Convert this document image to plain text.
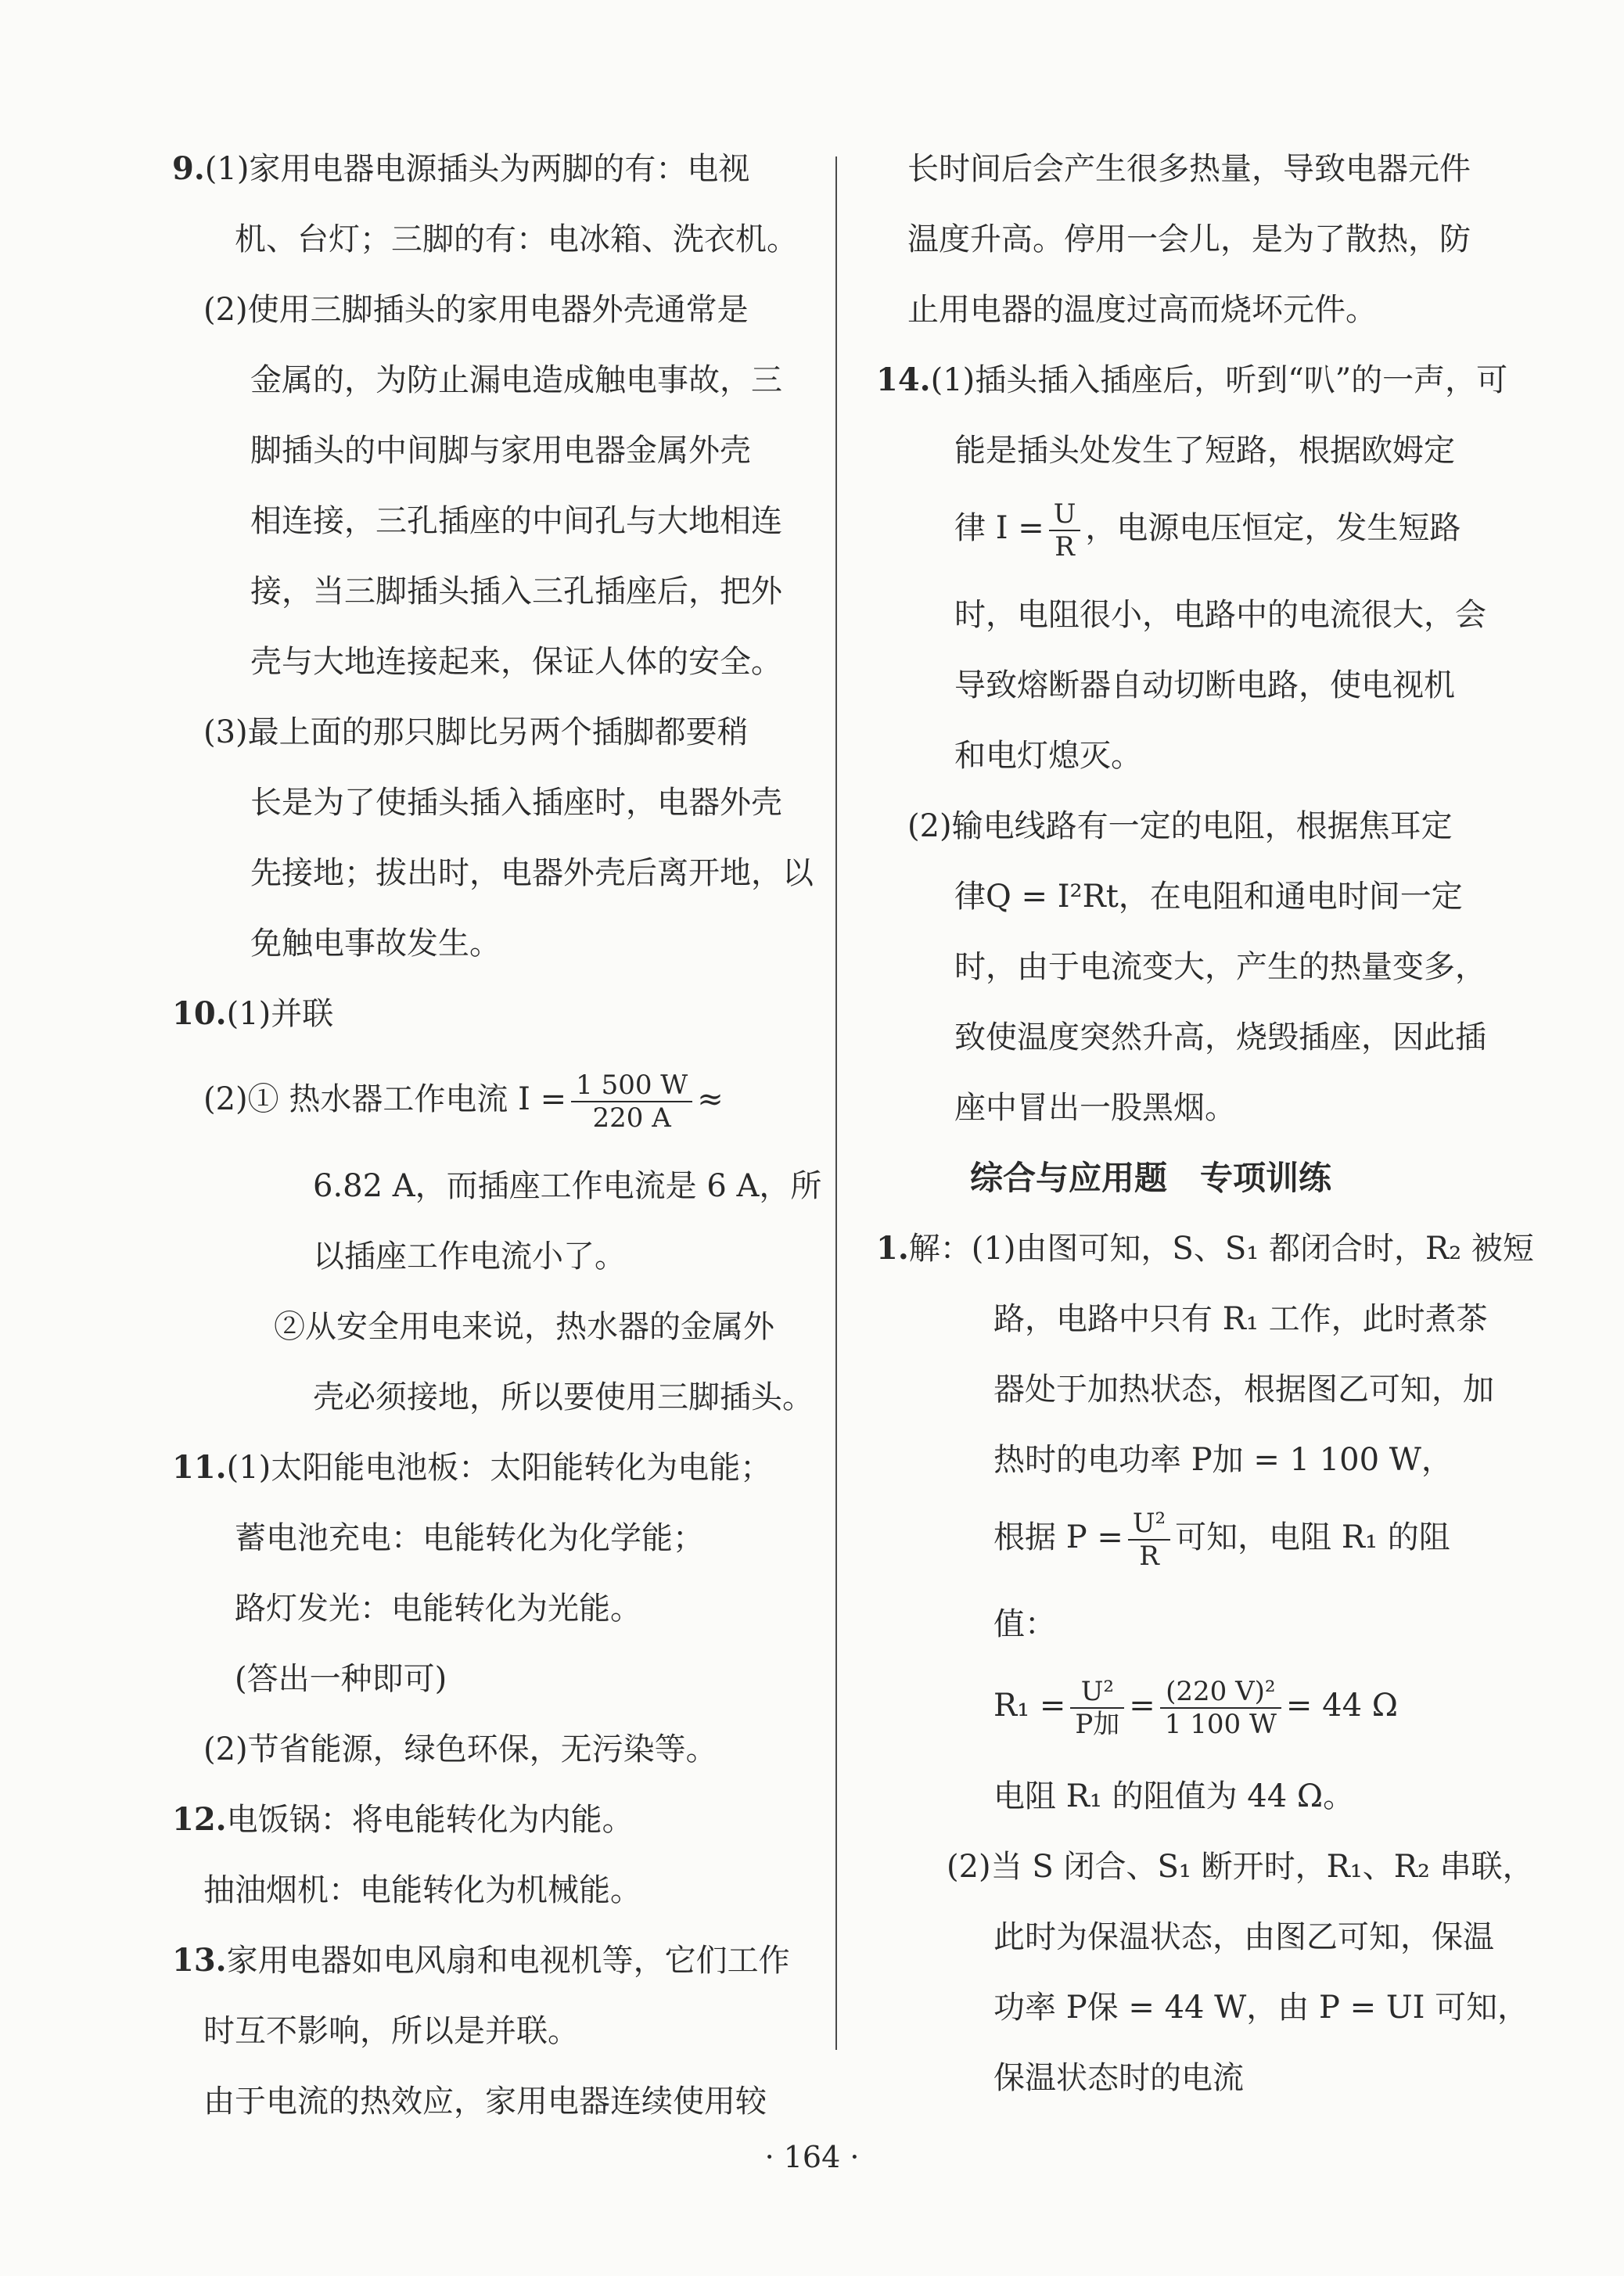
9.(1)家用电器电源插头为两脚的有：电视
机、台灯；三脚的有：电冰箱、洗衣机。
(2)使用三脚插头的家用电器外壳通常是
金属的，为防止漏电造成触电事故，三
脚插头的中间脚与家用电器金属外壳
相连接，三孔插座的中间孔与大地相连
接，当三脚插头插入三孔插座后，把外
壳与大地连接起来，保证人体的安全。
(3)最上面的那只脚比另两个插脚都要稍
长是为了使插头插入插座时，电器外壳
先接地；拔出时，电器外壳后离开地，以
免触电事故发生。
10.(1)并联
(2)① 热水器工作电流 $I = \frac{1 500 W}{220 A}$ ≈
6.82 A，而插座工作电流是 6 A，所
以插座工作电流小了。
②从安全用电来说，热水器的金属外
壳必须接地，所以要使用三脚插头。
11.(1)太阳能电池板：太阳能转化为电能；
蓄电池充电：电能转化为化学能；
路灯发光：电能转化为光能。
(答出一种即可)
(2)节省能源，绿色环保，无污染等。
12.电饭锅：将电能转化为内能。
抽油烟机：电能转化为机械能。
13.家用电器如电风扇和电视机等，它们工作
时互不影响，所以是并联。
由于电流的热效应，家用电器连续使用较
长时间后会产生很多热量，导致电器元件
温度升高。停用一会儿，是为了散热，防
止用电器的温度过高而烧坏元件。
14.(1)插头插入插座后，听到“叭”的一声，可
能是插头处发生了短路，根据欧姆定
律 $I = \frac{U}{R}$ ，电源电压恒定，发生短路
时，电阻很小，电路中的电流很大，会
导致熔断器自动切断电路，使电视机
和电灯熄灭。
(2)输电线路有一定的电阻，根据焦耳定
律Q = I²Rt，在电阻和通电时间一定
时，由于电流变大，产生的热量变多，
致使温度突然升高，烧毁插座，因此插
座中冒出一股黑烟。
综合与应用题　专项训练
1.解：(1)由图可知，S、S₁ 都闭合时，R₂ 被短
路，电路中只有 R₁ 工作，此时煮茶
器处于加热状态，根据图乙可知，加
热时的电功率 P加 = 1 100 W，
根据 $P = \frac{\text{U²}}{R}$ 可知，电阻 R₁ 的阻
值：
$R_1 = \frac{\text{U²}}{\text{P加}} = \frac{\text{(220 V)²}}{1 100 W} = 44$ Ω
电阻 R₁ 的阻值为 44 Ω。
(2)当 S 闭合、S₁ 断开时，R₁、R₂ 串联，
此时为保温状态，由图乙可知，保温
功率 P保 = 44 W，由 P = UI 可知，
保温状态时的电流
· 164 ·
